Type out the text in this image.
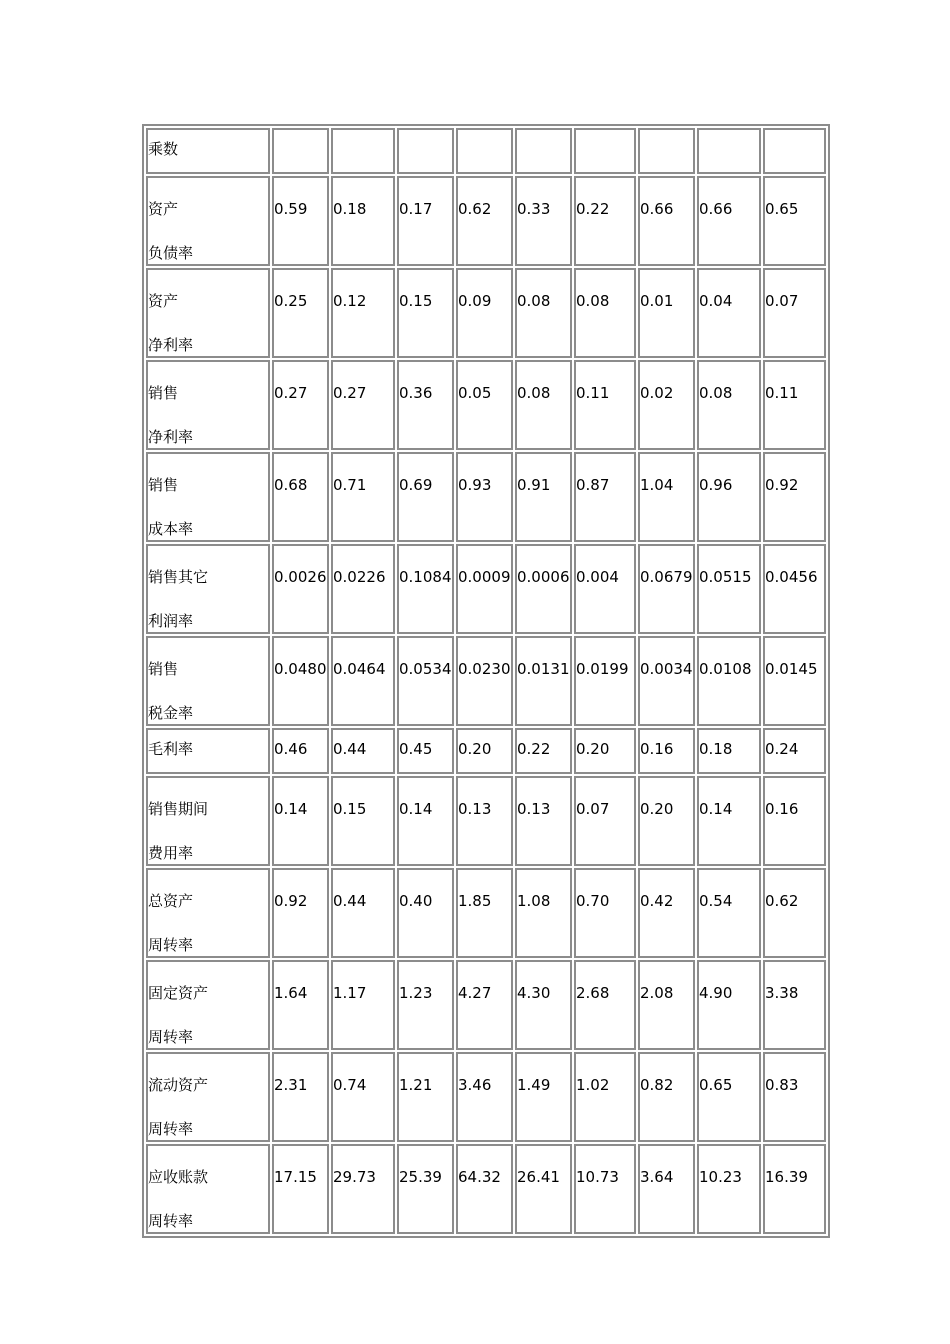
乘数									

资产
负债率	0.59	0.18	0.17	0.62	0.33	0.22	0.66	0.66	0.65

资产
净利率	0.25	0.12	0.15	0.09	0.08	0.08	0.01	0.04	0.07

销售
净利率	0.27	0.27	0.36	0.05	0.08	0.11	0.02	0.08	0.11

销售
成本率	0.68	0.71	0.69	0.93	0.91	0.87	1.04	0.96	0.92

销售其它
利润率	0.0026	0.0226	0.1084	0.0009	0.0006	0.004	0.0679	0.0515	0.0456

销售
税金率	0.0480	0.0464	0.0534	0.0230	0.0131	0.0199	0.0034	0.0108	0.0145

毛利率	0.46	0.44	0.45	0.20	0.22	0.20	0.16	0.18	0.24

销售期间
费用率	0.14	0.15	0.14	0.13	0.13	0.07	0.20	0.14	0.16

总资产
周转率	0.92	0.44	0.40	1.85	1.08	0.70	0.42	0.54	0.62

固定资产
周转率	1.64	1.17	1.23	4.27	4.30	2.68	2.08	4.90	3.38

流动资产
周转率	2.31	0.74	1.21	3.46	1.49	1.02	0.82	0.65	0.83

应收账款
周转率	17.15	29.73	25.39	64.32	26.41	10.73	3.64	10.23	16.39
